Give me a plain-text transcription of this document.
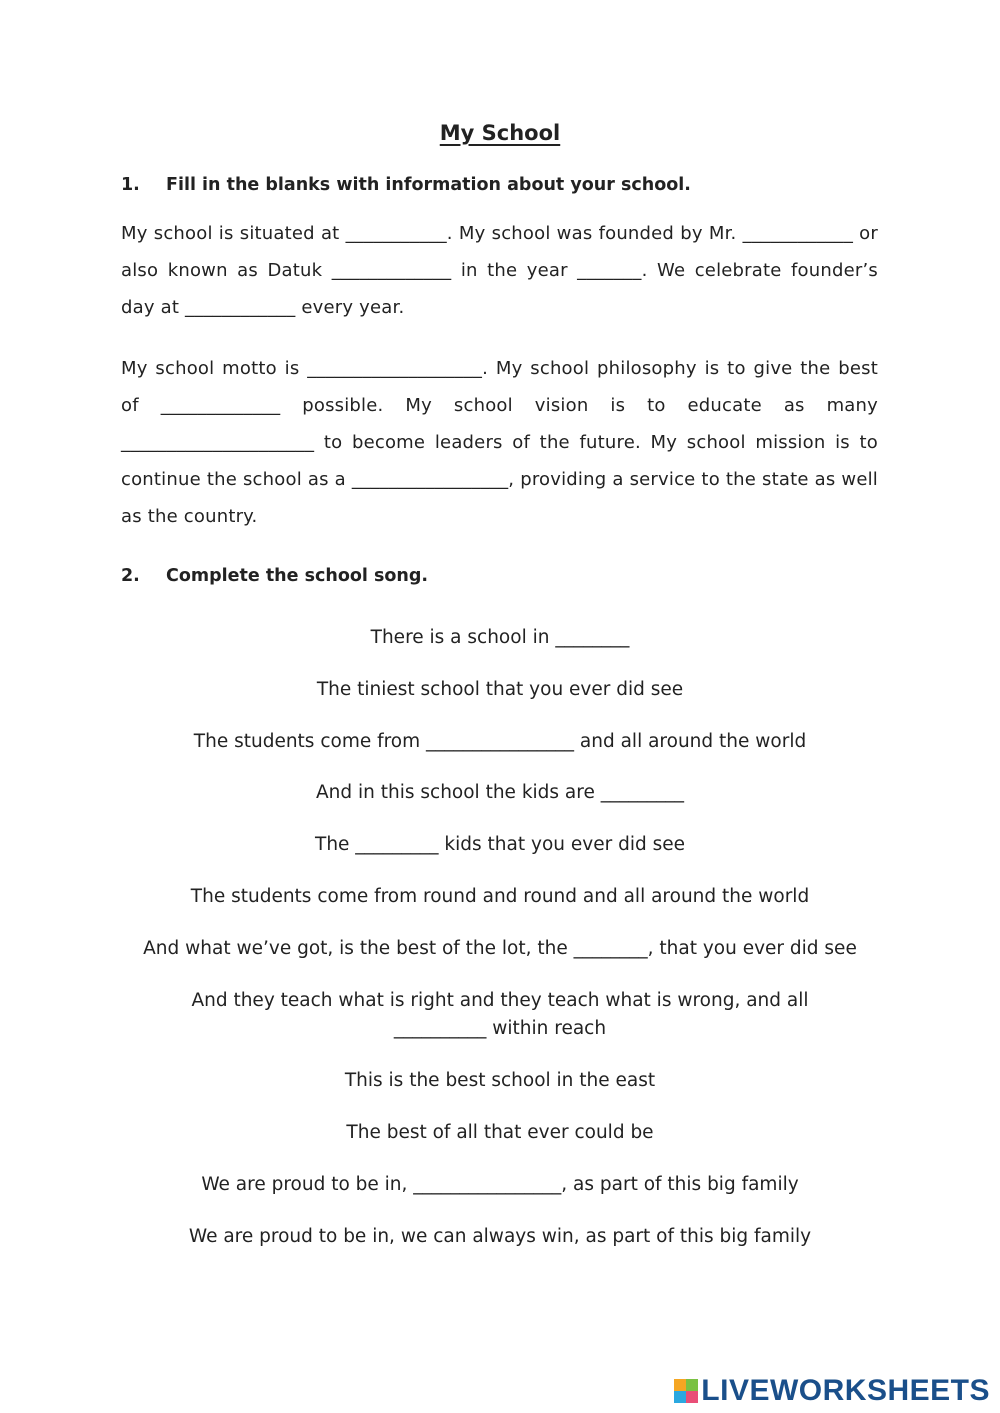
My School
1. Fill in the blanks with information about your school.
My school is situated at ___________. My school was founded by Mr. ____________ or also known as Datuk _____________ in the year _______. We celebrate founder’s day at ____________ every year.
My school motto is ___________________. My school philosophy is to give the best of _____________ possible. My school vision is to educate as many _____________________ to become leaders of the future. My school mission is to continue the school as a _________________, providing a service to the state as well as the country.
2. Complete the school song.
There is a school in ________
The tiniest school that you ever did see
The students come from ________________ and all around the world
And in this school the kids are _________
The _________ kids that you ever did see
The students come from round and round and all around the world
And what we’ve got, is the best of the lot, the ________, that you ever did see
And they teach what is right and they teach what is wrong, and all __________ within reach
This is the best school in the east
The best of all that ever could be
We are proud to be in, ________________, as part of this big family
We are proud to be in, we can always win, as part of this big family
LIVEWORKSHEETS
